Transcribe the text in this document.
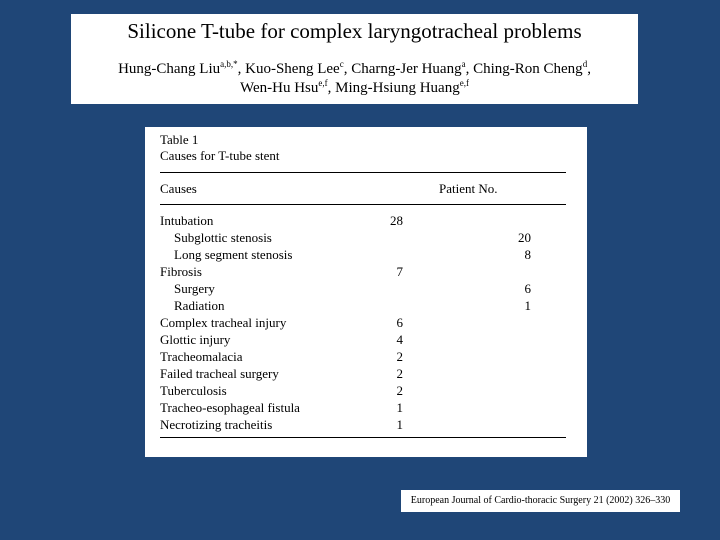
Silicone T-tube for complex laryngotracheal problems
Hung-Chang Liu$^{a,b,*}$, Kuo-Sheng Lee$^c$, Charng-Jer Huang$^a$, Ching-Ron Cheng$^d$,
Wen-Hu Hsu$^{e,f}$, Ming-Hsiung Huang$^{e,f}$
Table 1
Causes for T-tube stent
Causes	Patient No.
Intubation	28
Subglottic stenosis	20
Long segment stenosis	8
Fibrosis	7
Surgery	6
Radiation	1
Complex tracheal injury	6
Glottic injury	4
Tracheomalacia	2
Failed tracheal surgery	2
Tuberculosis	2
Tracheo-esophageal fistula	1
Necrotizing tracheitis	1
European Journal of Cardio-thoracic Surgery 21 (2002) 326–330
